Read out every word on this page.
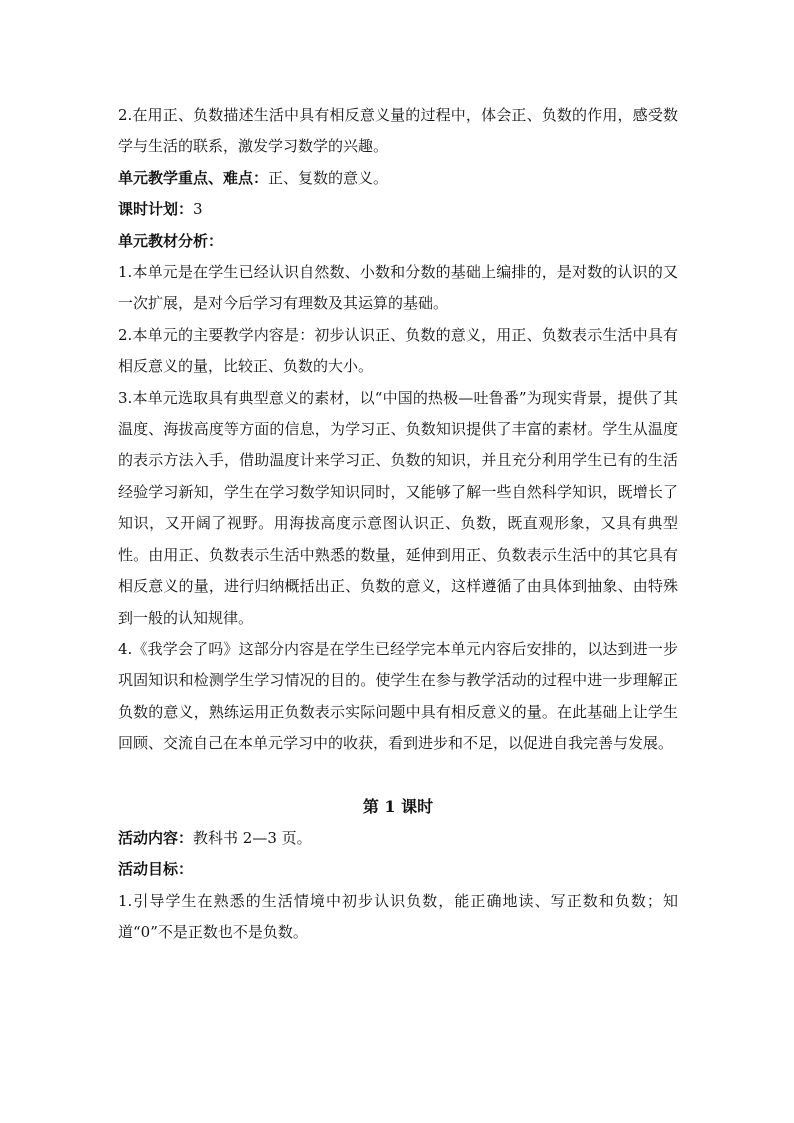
2.在用正、负数描述生活中具有相反意义量的过程中，体会正、负数的作用，感受数学与生活的联系，激发学习数学的兴趣。

单元教学重点、难点：正、复数的意义。

课时计划：3

单元教材分析：

1.本单元是在学生已经认识自然数、小数和分数的基础上编排的，是对数的认识的又一次扩展，是对今后学习有理数及其运算的基础。

2.本单元的主要教学内容是：初步认识正、负数的意义，用正、负数表示生活中具有相反意义的量，比较正、负数的大小。

3.本单元选取具有典型意义的素材，以“中国的热极—吐鲁番”为现实背景，提供了其温度、海拔高度等方面的信息，为学习正、负数知识提供了丰富的素材。学生从温度的表示方法入手，借助温度计来学习正、负数的知识，并且充分利用学生已有的生活经验学习新知，学生在学习数学知识同时，又能够了解一些自然科学知识，既增长了知识，又开阔了视野。用海拔高度示意图认识正、负数，既直观形象，又具有典型性。由用正、负数表示生活中熟悉的数量，延伸到用正、负数表示生活中的其它具有相反意义的量，进行归纳概括出正、负数的意义，这样遵循了由具体到抽象、由特殊到一般的认知规律。

4.《我学会了吗》这部分内容是在学生已经学完本单元内容后安排的，以达到进一步巩固知识和检测学生学习情况的目的。使学生在参与教学活动的过程中进一步理解正负数的意义，熟练运用正负数表示实际问题中具有相反意义的量。在此基础上让学生回顾、交流自己在本单元学习中的收获，看到进步和不足，以促进自我完善与发展。

第 1 课时

活动内容：教科书 2—3 页。

活动目标：

1.引导学生在熟悉的生活情境中初步认识负数，能正确地读、写正数和负数；知道“0”不是正数也不是负数。
